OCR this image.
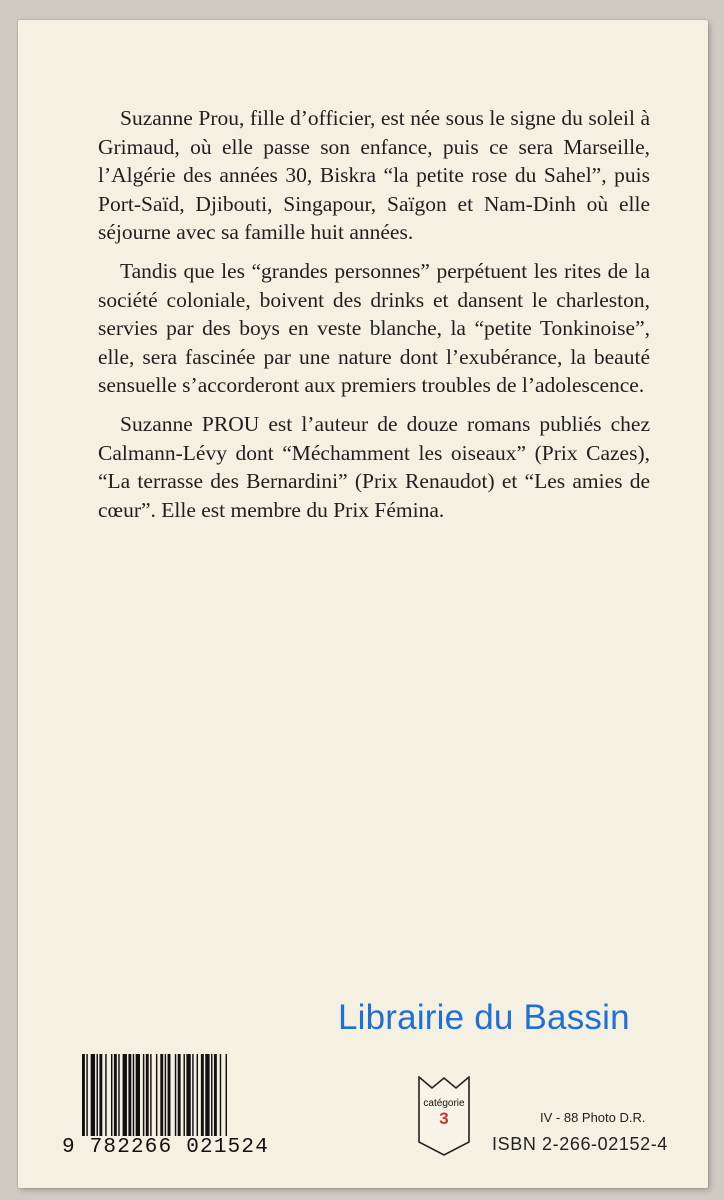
Suzanne Prou, fille d’officier, est née sous le signe du soleil à Grimaud, où elle passe son enfance, puis ce sera Marseille, l’Algérie des années 30, Biskra “la petite rose du Sahel”, puis Port-Saïd, Djibouti, Singapour, Saïgon et Nam-Dinh où elle séjourne avec sa famille huit années.

Tandis que les “grandes personnes” perpétuent les rites de la société coloniale, boivent des drinks et dansent le charleston, servies par des boys en veste blanche, la “petite Tonkinoise”, elle, sera fascinée par une nature dont l’exubérance, la beauté sensuelle s’accorderont aux premiers troubles de l’adolescence.

Suzanne PROU est l’auteur de douze romans publiés chez Calmann-Lévy dont “Méchamment les oiseaux” (Prix Cazes), “La terrasse des Bernardini” (Prix Renaudot) et “Les amies de cœur”. Elle est membre du Prix Fémina.

Librairie du Bassin
9 782266 021524
catégorie
3	IV - 88 Photo D.R.
ISBN 2-266-02152-4
